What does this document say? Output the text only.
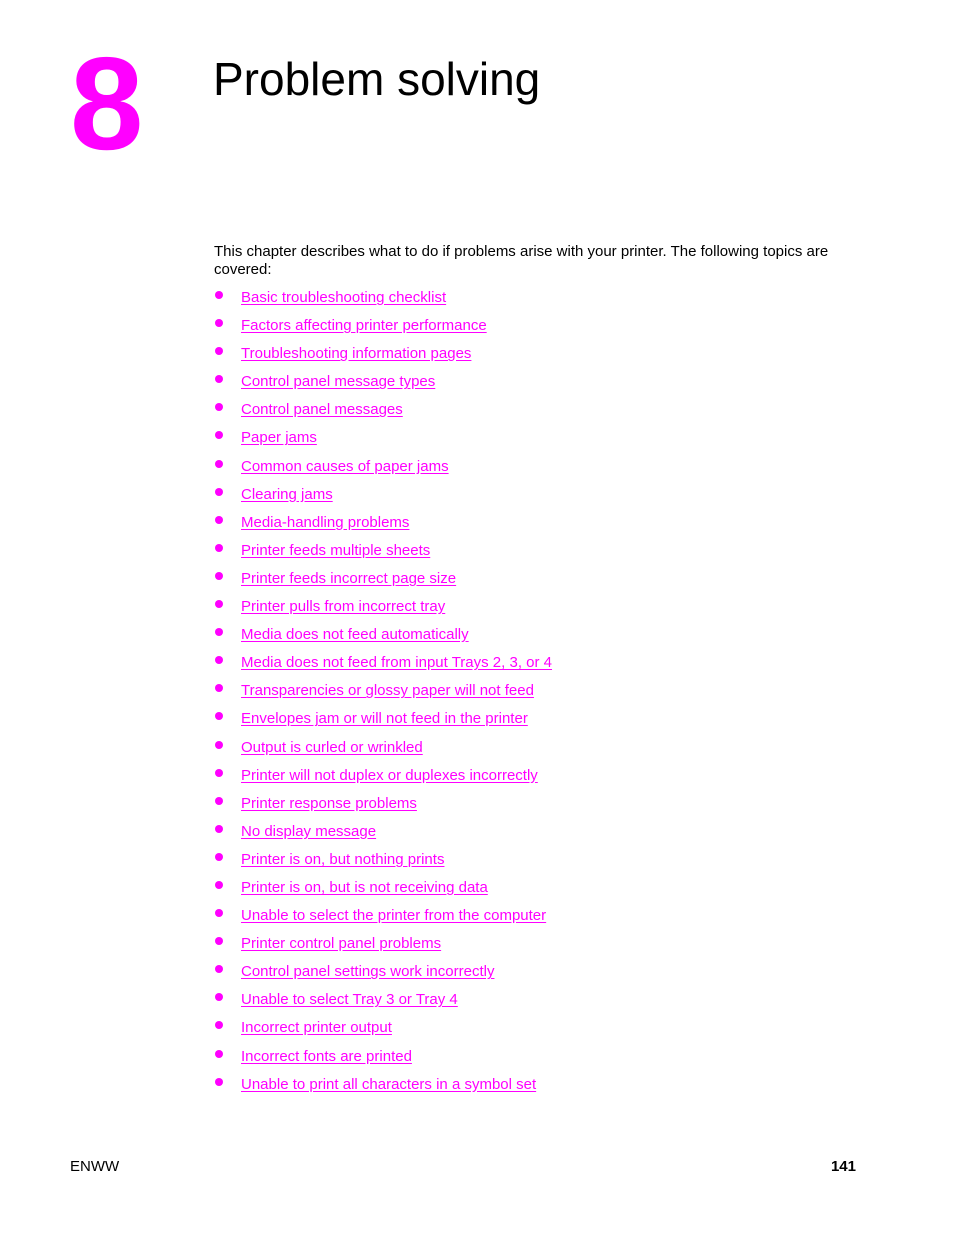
8 Problem solving

This chapter describes what to do if problems arise with your printer. The following topics are covered:

Basic troubleshooting checklist
Factors affecting printer performance
Troubleshooting information pages
Control panel message types
Control panel messages
Paper jams
Common causes of paper jams
Clearing jams
Media-handling problems
Printer feeds multiple sheets
Printer feeds incorrect page size
Printer pulls from incorrect tray
Media does not feed automatically
Media does not feed from input Trays 2, 3, or 4
Transparencies or glossy paper will not feed
Envelopes jam or will not feed in the printer
Output is curled or wrinkled
Printer will not duplex or duplexes incorrectly
Printer response problems
No display message
Printer is on, but nothing prints
Printer is on, but is not receiving data
Unable to select the printer from the computer
Printer control panel problems
Control panel settings work incorrectly
Unable to select Tray 3 or Tray 4
Incorrect printer output
Incorrect fonts are printed
Unable to print all characters in a symbol set
ENWW	141
